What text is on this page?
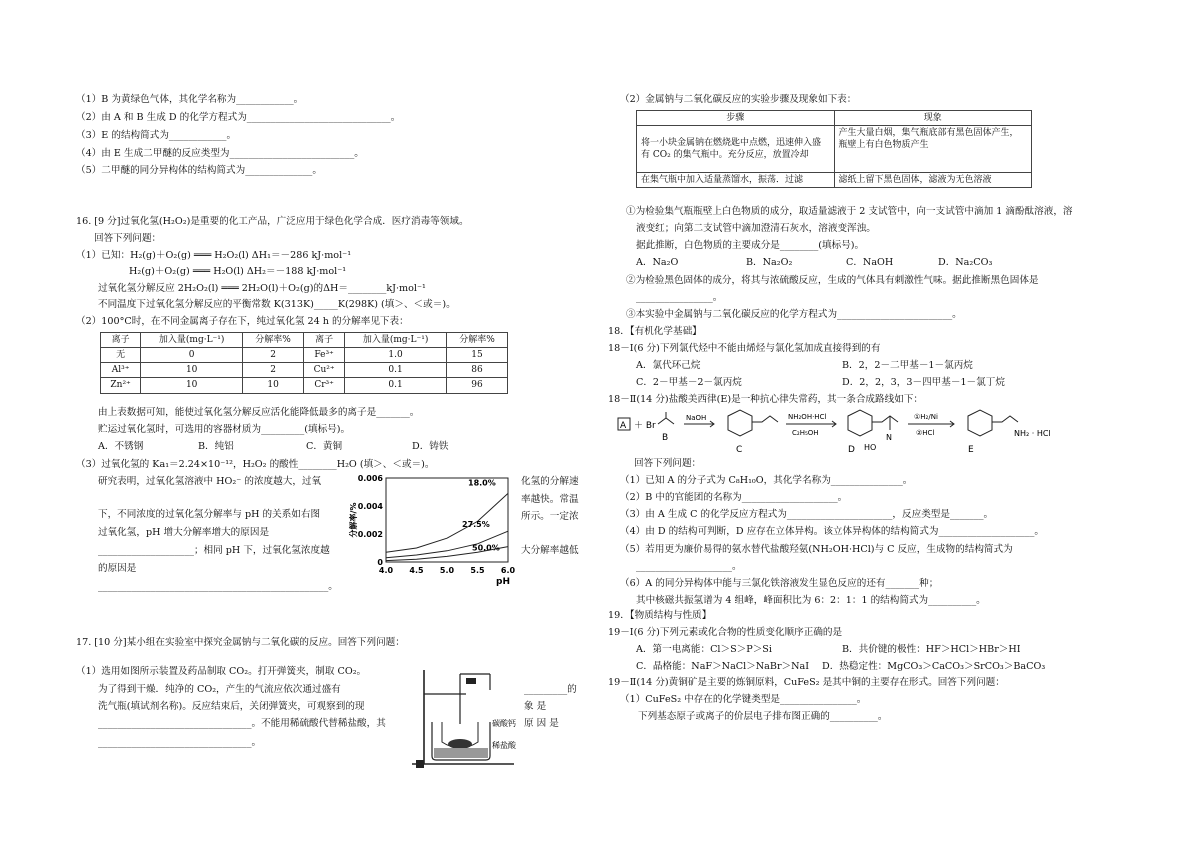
（1）B 为黄绿色气体，其化学名称为____________。
（2）由 A 和 B 生成 D 的化学方程式为______________________________。
（3）E 的结构简式为____________。
（4）由 E 生成二甲醚的反应类型为__________________________。
（5）二甲醚的同分异构体的结构简式为______________。
16. [9 分]过氧化氢(H₂O₂)是重要的化工产品，广泛应用于绿色化学合成．医疗消毒等领域。
回答下列问题：
（1）已知：H₂(g)＋O₂(g) ═══ H₂O₂(l) ΔH₁＝－286 kJ·mol⁻¹
H₂(g)＋O₂(g) ═══ H₂O(l) ΔH₂＝－188 kJ·mol⁻¹
过氧化氢分解反应 2H₂O₂(l) ═══ 2H₂O(l)＋O₂(g)的ΔH＝________kJ·mol⁻¹
不同温度下过氧化氢分解反应的平衡常数 K(313K)_____K(298K) (填＞、＜或＝)。
（2）100°C时，在不同金属离子存在下，纯过氧化氢 24 h 的分解率见下表：
离子	加入量(mg·L⁻¹)	分解率%	离子	加入量(mg·L⁻¹)	分解率%
无	0	2	Fe³⁺	1.0	15
Al³⁺	10	2	Cu²⁺	0.1	86
Zn²⁺	10	10	Cr³⁺	0.1	96
由上表数据可知，能使过氧化氢分解反应活化能降低最多的离子是_______。
贮运过氧化氢时，可选用的容器材质为_________(填标号)。
A．不锈钢	B．纯铝	C．黄铜	D．铸铁
（3）过氧化氢的 Ka₁＝2.24×10⁻¹²，H₂O₂ 的酸性________H₂O (填＞、＜或＝)。
研究表明，过氧化氢溶液中 HO₂⁻ 的浓度越大，过氧
下，不同浓度的过氧化氢分解率与 pH 的关系如右图
过氧化氢，pH 增大分解率增大的原因是
____________________；相同 pH 下，过氧化氢浓度越
的原因是
________________________________________________。
化氢的分解速
率越快。常温
所示。一定浓
大分解率越低
4.0 4.5 5.0 5.5 6.0
0
0.002
0.004
0.006
pH
分解率/%
18.0%
27.5%
50.0%
17. [10 分]某小组在实验室中探究金属钠与二氧化碳的反应。回答下列问题：
（1）选用如图所示装置及药品制取 CO₂。打开弹簧夹，制取 CO₂。
为了得到干燥．纯净的 CO₂，产生的气流应依次通过盛有
洗气瓶(填试剂名称)。反应结束后，关闭弹簧夹，可观察到的现
________________________________。不能用稀硫酸代替稀盐酸，其
________________________________。
_________的
象 是
原 因 是
碳酸钙
稀盐酸
（2）金属钠与二氧化碳反应的实验步骤及现象如下表：
步骤	现象
将一小块金属钠在燃烧匙中点燃，迅速伸入盛有 CO₂ 的集气瓶中。充分反应，放置冷却	产生大量白烟，集气瓶底部有黑色固体产生，瓶壁上有白色物质产生
在集气瓶中加入适量蒸馏水，振荡．过滤	滤纸上留下黑色固体，滤液为无色溶液
①为检验集气瓶瓶壁上白色物质的成分，取适量滤液于 2 支试管中，向一支试管中滴加 1 滴酚酞溶液，溶
液变红；向第二支试管中滴加澄清石灰水，溶液变浑浊。
据此推断，白色物质的主要成分是________(填标号)。
A．Na₂O	B．Na₂O₂	C．NaOH	D．Na₂CO₃
②为检验黑色固体的成分，将其与浓硫酸反应，生成的气体具有刺激性气味。据此推断黑色固体是
________________。
③本实验中金属钠与二氧化碳反应的化学方程式为________________________。
18．【有机化学基础】
18－Ⅰ(6 分)下列氯代烃中不能由烯烃与氯化氢加成直接得到的有
A．氯代环己烷	B．2，2－二甲基－1－氯丙烷
C．2－甲基－2－氯丙烷	D．2，2，3，3－四甲基－1－氯丁烷
18－Ⅱ(14 分)盐酸美西律(E)是一种抗心律失常药，其一条合成路线如下：
A ＋ Br
B
NaOH
C
NH₂OH·HCl
C₂H₅OH	N
HO
D
①H₂/Ni
②HCl	NH₂ · HCl
E
回答下列问题：
（1）已知 A 的分子式为 C₈H₁₀O，其化学名称为_______________。
（2）B 中的官能团的名称为____________________。
（3）由 A 生成 C 的化学反应方程式为______________________，反应类型是_______。
（4）由 D 的结构可判断，D 应存在立体异构。该立体异构体的结构简式为____________________。
（5）若用更为廉价易得的氨水替代盐酸羟氨(NH₂OH·HCl)与 C 反应，生成物的结构简式为
____________________。
（6）A 的同分异构体中能与三氯化铁溶液发生显色反应的还有_______种；
其中核磁共振氢谱为 4 组峰，峰面积比为 6：2：1：1 的结构简式为__________。
19．【物质结构与性质】
19－Ⅰ(6 分)下列元素或化合物的性质变化顺序正确的是
A．第一电离能：Cl＞S＞P＞Si	B．共价键的极性：HF＞HCl＞HBr＞HI
C．晶格能：NaF＞NaCl＞NaBr＞NaI D．热稳定性：MgCO₃＞CaCO₃＞SrCO₃＞BaCO₃
19－Ⅱ(14 分)黄铜矿是主要的炼铜原料，CuFeS₂ 是其中铜的主要存在形式。回答下列问题：
（1）CuFeS₂ 中存在的化学键类型是________________。
下列基态原子或离子的价层电子排布图正确的__________。
